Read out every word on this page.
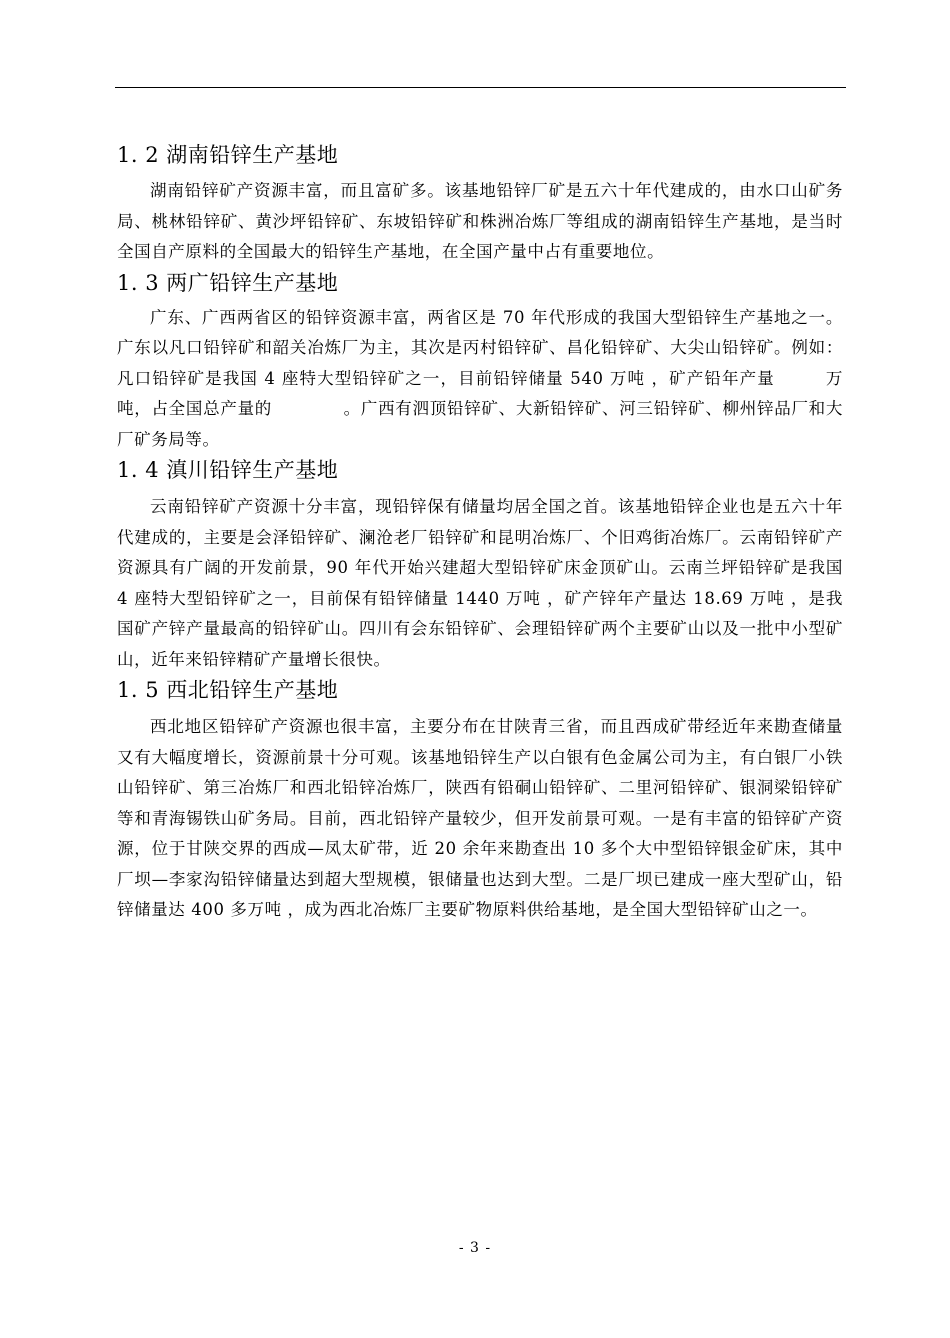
1. 2 湖南铅锌生产基地

湖南铅锌矿产资源丰富，而且富矿多。该基地铅锌厂矿是五六十年代建成的，由水口山矿务局、桃林铅锌矿、黄沙坪铅锌矿、东坡铅锌矿和株洲冶炼厂等组成的湖南铅锌生产基地，是当时全国自产原料的全国最大的铅锌生产基地，在全国产量中占有重要地位。

1. 3 两广铅锌生产基地

广东、广西两省区的铅锌资源丰富，两省区是 70 年代形成的我国大型铅锌生产基地之一。广东以凡口铅锌矿和韶关冶炼厂为主，其次是丙村铅锌矿、昌化铅锌矿、大尖山铅锌矿。例如：凡口铅锌矿是我国 4 座特大型铅锌矿之一，目前铅锌储量 540 万吨 ，矿产铅年产量        万吨，占全国总产量的            。广西有泗顶铅锌矿、大新铅锌矿、河三铅锌矿、柳州锌品厂和大厂矿务局等。

1. 4 滇川铅锌生产基地

云南铅锌矿产资源十分丰富，现铅锌保有储量均居全国之首。该基地铅锌企业也是五六十年代建成的，主要是会泽铅锌矿、澜沧老厂铅锌矿和昆明冶炼厂、个旧鸡街冶炼厂。云南铅锌矿产资源具有广阔的开发前景，90 年代开始兴建超大型铅锌矿床金顶矿山。云南兰坪铅锌矿是我国 4 座特大型铅锌矿之一，目前保有铅锌储量 1440 万吨 ，矿产锌年产量达 18.69 万吨 ，是我国矿产锌产量最高的铅锌矿山。四川有会东铅锌矿、会理铅锌矿两个主要矿山以及一批中小型矿山，近年来铅锌精矿产量增长很快。

1. 5 西北铅锌生产基地

西北地区铅锌矿产资源也很丰富，主要分布在甘陕青三省，而且西成矿带经近年来勘查储量又有大幅度增长，资源前景十分可观。该基地铅锌生产以白银有色金属公司为主，有白银厂小铁山铅锌矿、第三冶炼厂和西北铅锌冶炼厂，陕西有铅硐山铅锌矿、二里河铅锌矿、银洞梁铅锌矿等和青海锡铁山矿务局。目前，西北铅锌产量较少，但开发前景可观。一是有丰富的铅锌矿产资源，位于甘陕交界的西成—凤太矿带，近 20 余年来勘查出 10 多个大中型铅锌银金矿床，其中厂坝—李家沟铅锌储量达到超大型规模，银储量也达到大型。二是厂坝已建成一座大型矿山，铅锌储量达 400 多万吨 ，成为西北冶炼厂主要矿物原料供给基地，是全国大型铅锌矿山之一。

- 3 -
